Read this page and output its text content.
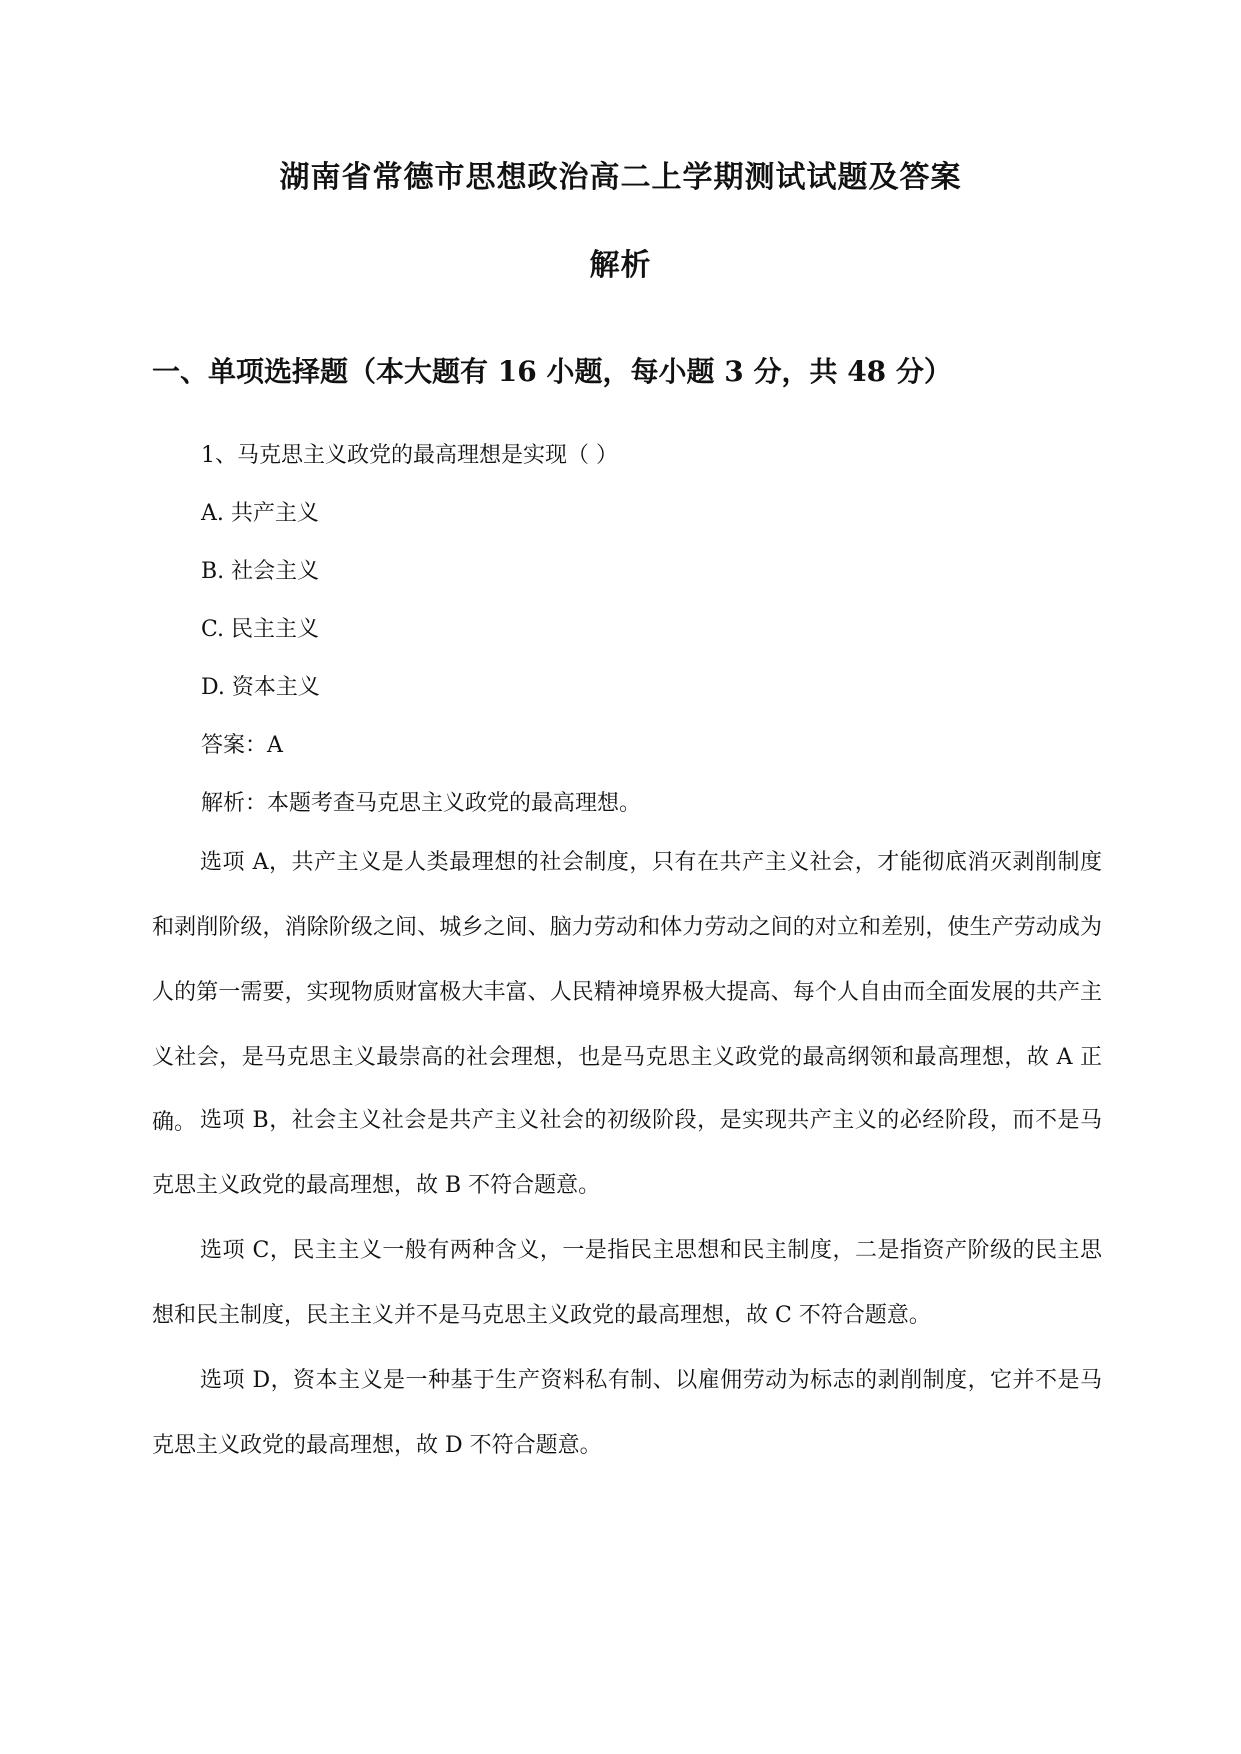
湖南省常德市思想政治高二上学期测试试题及答案
解析
一、单项选择题（本大题有 16 小题，每小题 3 分，共 48 分）
1、马克思主义政党的最高理想是实现（ ）
A. 共产主义
B. 社会主义
C. 民主主义
D. 资本主义
答案：A
解析：本题考查马克思主义政党的最高理想。

选项 A，共产主义是人类最理想的社会制度，只有在共产主义社会，才能彻底消灭剥削制度和剥削阶级，消除阶级之间、城乡之间、脑力劳动和体力劳动之间的对立和差别，使生产劳动成为人的第一需要，实现物质财富极大丰富、人民精神境界极大提高、每个人自由而全面发展的共产主义社会，是马克思主义最崇高的社会理想，也是马克思主义政党的最高纲领和最高理想，故 A 正确。 选项 B，社会主义社会是共产主义社会的初级阶段，是实现共产主义的必经阶段，而不是马克思主义政党的最高理想，故 B 不符合题意。

选项 C，民主主义一般有两种含义，一是指民主思想和民主制度，二是指资产阶级的民主思想和民主制度，民主主义并不是马克思主义政党的最高理想，故 C 不符合题意。

选项 D，资本主义是一种基于生产资料私有制、以雇佣劳动为标志的剥削制度，它并不是马克思主义政党的最高理想，故 D 不符合题意。
